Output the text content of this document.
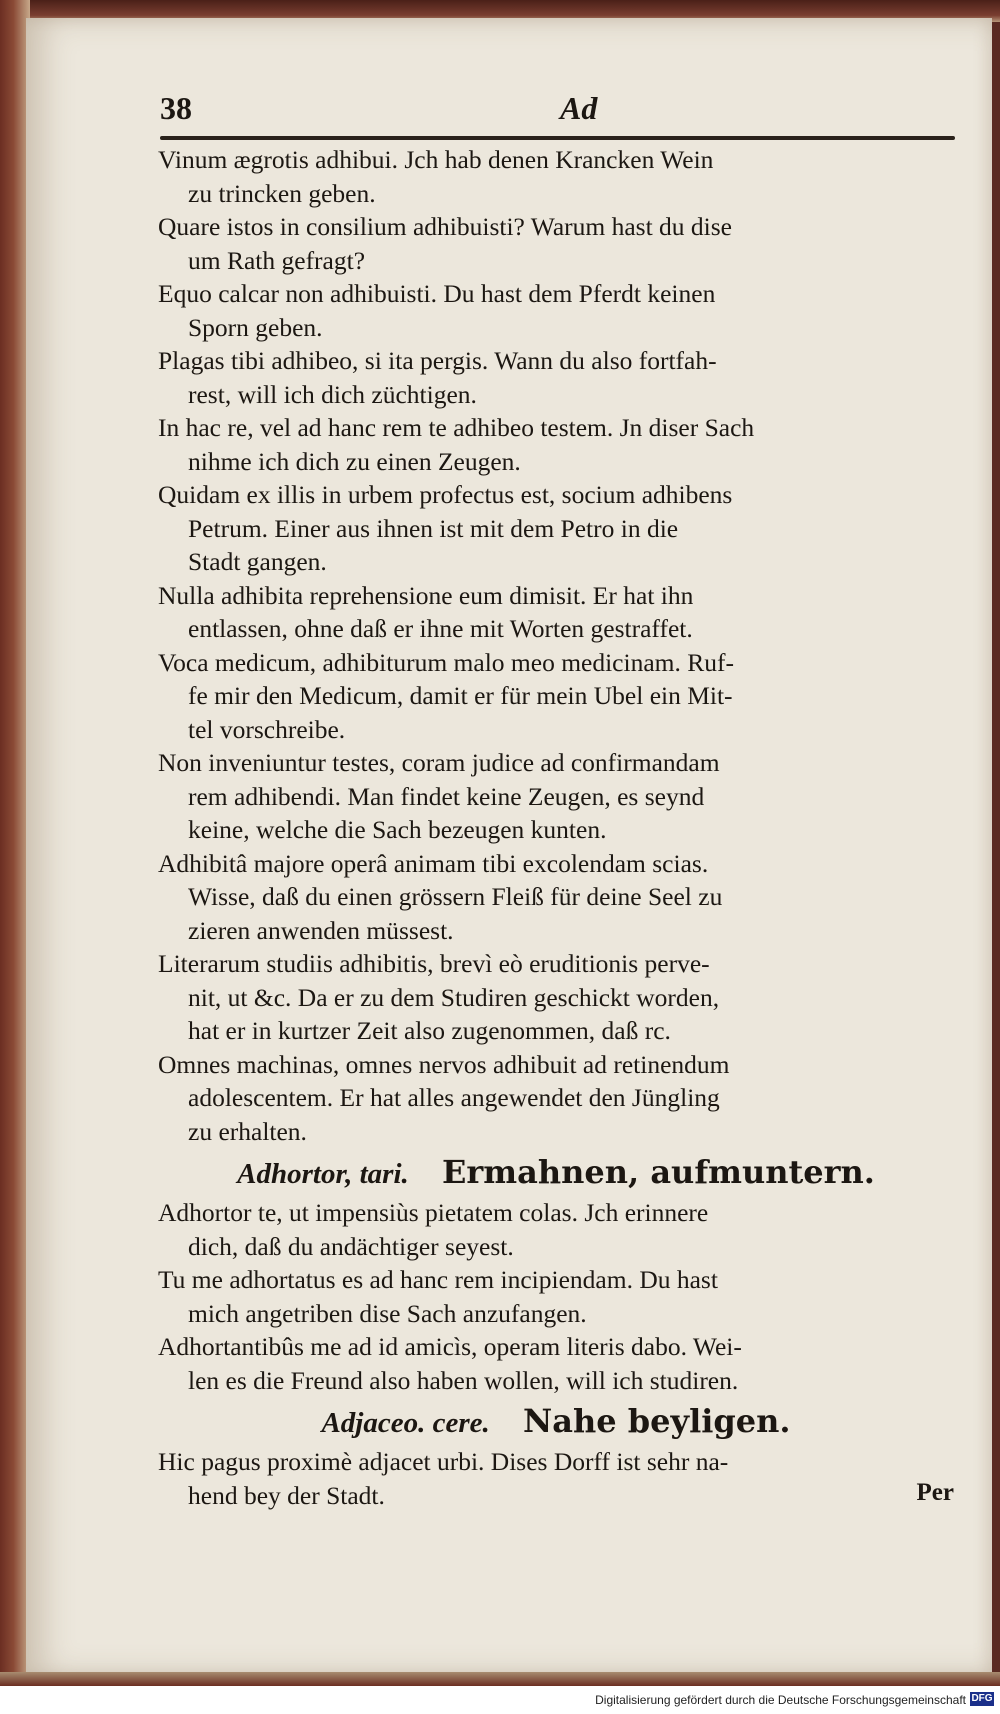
38	Ad

Vinum ægrotis adhibui. Jch hab denen Krancken Wein

zu trincken geben.

Quare istos in consilium adhibuisti? Warum hast du dise

um Rath gefragt?

Equo calcar non adhibuisti. Du hast dem Pferdt keinen

Sporn geben.

Plagas tibi adhibeo, si ita pergis. Wann du also fortfah-

rest, will ich dich züchtigen.

In hac re, vel ad hanc rem te adhibeo testem. Jn diser Sach

nihme ich dich zu einen Zeugen.

Quidam ex illis in urbem profectus est, socium adhibens

Petrum. Einer aus ihnen ist mit dem Petro in die

Stadt gangen.

Nulla adhibita reprehensione eum dimisit. Er hat ihn

entlassen, ohne daß er ihne mit Worten gestraffet.

Voca medicum, adhibiturum malo meo medicinam. Ruf-

fe mir den Medicum, damit er für mein Ubel ein Mit-

tel vorschreibe.

Non inveniuntur testes, coram judice ad confirmandam

rem adhibendi. Man findet keine Zeugen, es seynd

keine, welche die Sach bezeugen kunten.

Adhibitâ majore operâ animam tibi excolendam scias.

Wisse, daß du einen grössern Fleiß für deine Seel zu

zieren anwenden müssest.

Literarum studiis adhibitis, brevì eò eruditionis perve-

nit, ut &c. Da er zu dem Studiren geschickt worden,

hat er in kurtzer Zeit also zugenommen, daß rc.

Omnes machinas, omnes nervos adhibuit ad retinendum

adolescentem. Er hat alles angewendet den Jüngling

zu erhalten.

Adhortor, tari. Ermahnen, aufmuntern.

Adhortor te, ut impensiùs pietatem colas. Jch erinnere

dich, daß du andächtiger seyest.

Tu me adhortatus es ad hanc rem incipiendam. Du hast

mich angetriben dise Sach anzufangen.

Adhortantibûs me ad id amicìs, operam literis dabo. Wei-

len es die Freund also haben wollen, will ich studiren.

Adjaceo. cere. Nahe beyligen.

Hic pagus proximè adjacet urbi. Dises Dorff ist sehr na-

hend bey der Stadt.	Per
Digitalisierung gefördert durch die Deutsche Forschungsgemeinschaft DFG
